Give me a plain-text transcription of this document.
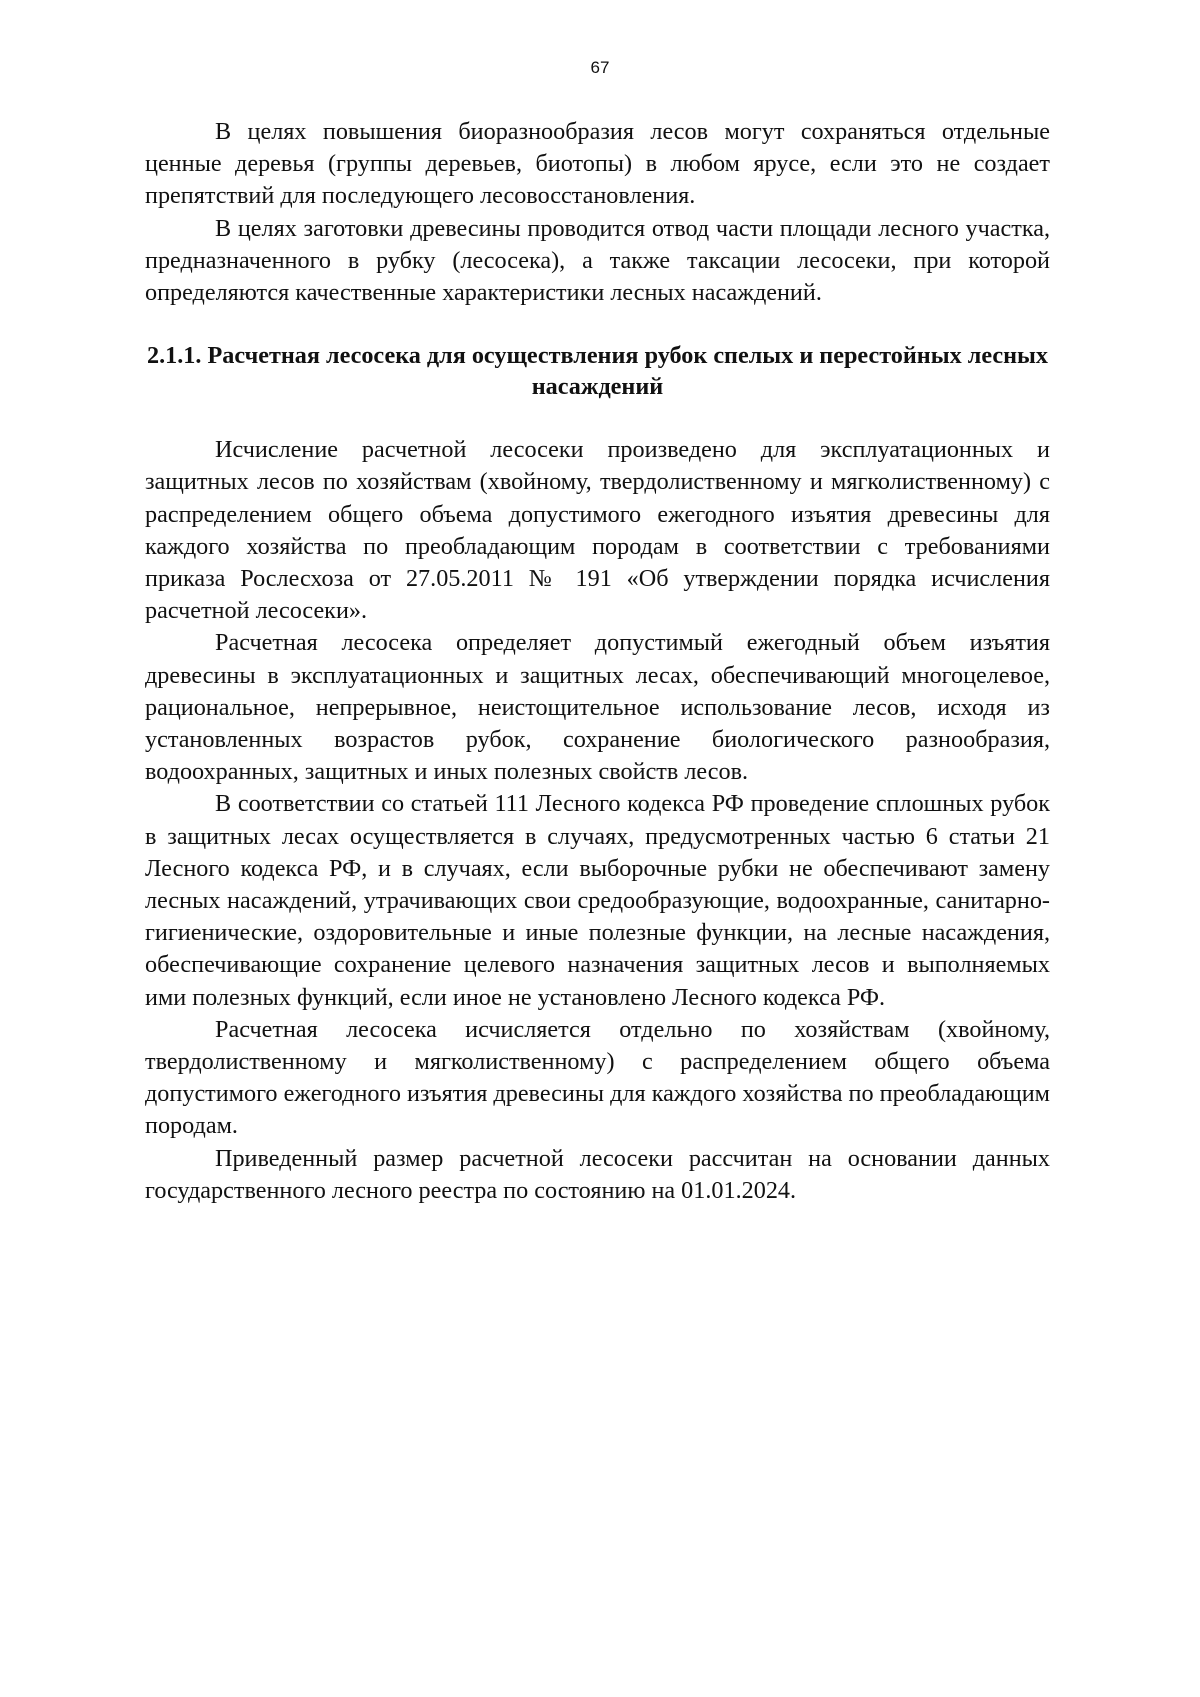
67

В целях повышения биоразнообразия лесов могут сохраняться отдельные ценные деревья (группы деревьев, биотопы) в любом ярусе, если это не создает препятствий для последующего лесовосстановления.

В целях заготовки древесины проводится отвод части площади лесного участка, предназначенного в рубку (лесосека), а также таксации лесосеки, при которой определяются качественные характеристики лесных насаждений.

2.1.1. Расчетная лесосека для осуществления рубок спелых и перестойных лесных насаждений

Исчисление расчетной лесосеки произведено для эксплуатационных и защитных лесов по хозяйствам (хвойному, твердолиственному и мягколиственному) с распределением общего объема допустимого ежегодного изъятия древесины для каждого хозяйства по преобладающим породам в соответствии с требованиями приказа Рослесхоза от 27.05.2011 № 191 «Об утверждении порядка исчисления расчетной лесосеки».

Расчетная лесосека определяет допустимый ежегодный объем изъятия древесины в эксплуатационных и защитных лесах, обеспечивающий многоцелевое, рациональное, непрерывное, неистощительное использование лесов, исходя из установленных возрастов рубок, сохранение биологического разнообразия, водоохранных, защитных и иных полезных свойств лесов.

В соответствии со статьей 111 Лесного кодекса РФ проведение сплошных рубок в защитных лесах осуществляется в случаях, предусмотренных частью 6 статьи 21 Лесного кодекса РФ, и в случаях, если выборочные рубки не обеспечивают замену лесных насаждений, утрачивающих свои средообразующие, водоохранные, санитарно-гигиенические, оздоровительные и иные полезные функции, на лесные насаждения, обеспечивающие сохранение целевого назначения защитных лесов и выполняемых ими полезных функций, если иное не установлено Лесного кодекса РФ.

Расчетная лесосека исчисляется отдельно по хозяйствам (хвойному, твердолиственному и мягколиственному) с распределением общего объема допустимого ежегодного изъятия древесины для каждого хозяйства по преобладающим породам.

Приведенный размер расчетной лесосеки рассчитан на основании данных государственного лесного реестра по состоянию на 01.01.2024.
